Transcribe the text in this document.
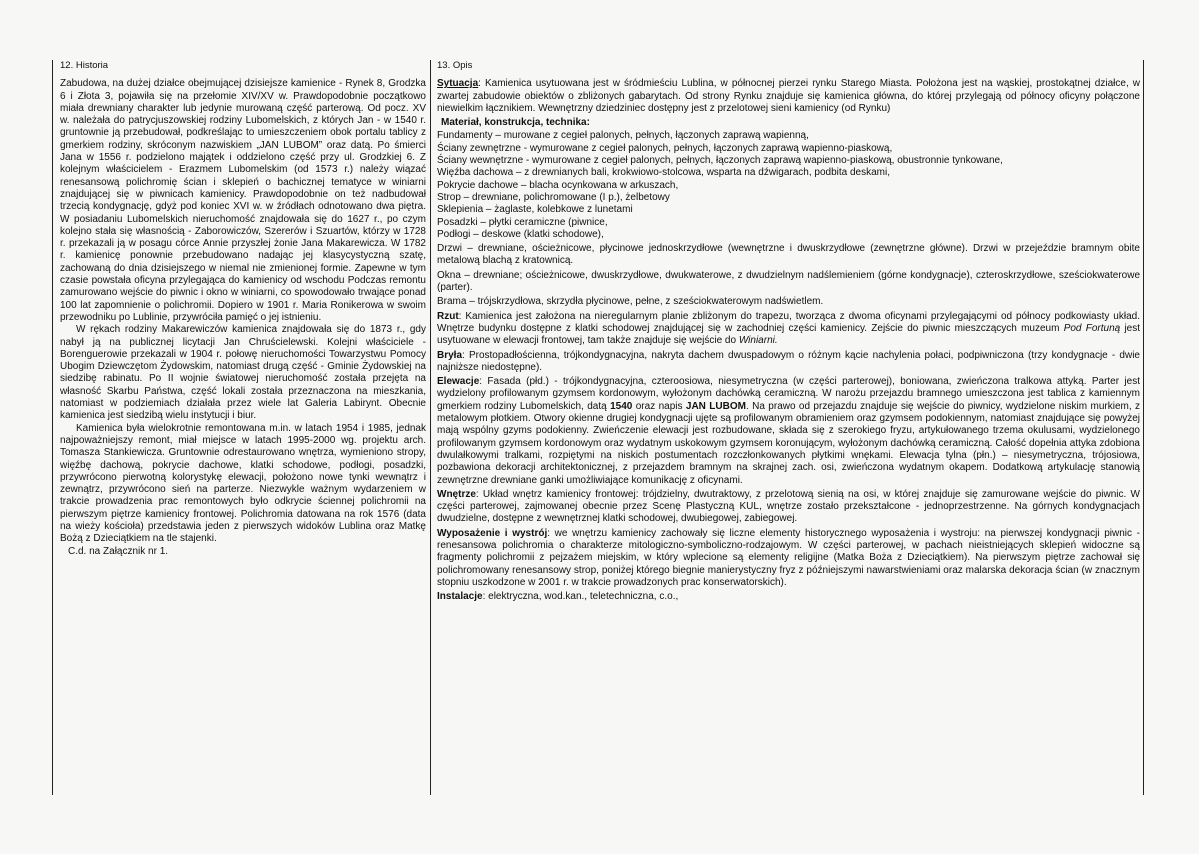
12. Historia

Zabudowa, na dużej działce obejmującej dzisiejsze kamienice - Rynek 8, Grodzka 6 i Złota 3, pojawiła się na przełomie XIV/XV w. Prawdopodobnie początkowo miała drewniany charakter lub jedynie murowaną część parterową. Od pocz. XV w. należała do patrycjuszowskiej rodziny Lubomelskich, z których Jan - w 1540 r. gruntownie ją przebudował, podkreślając to umieszczeniem obok portalu tablicy z gmerkiem rodziny, skróconym nazwiskiem „JAN LUBOM” oraz datą. Po śmierci Jana w 1556 r. podzielono majątek i oddzielono część przy ul. Grodzkiej 6. Z kolejnym właścicielem - Erazmem Lubomelskim (od 1573 r.) należy wiązać renesansową polichromię ścian i sklepień o bachicznej tematyce w winiarni znajdującej się w piwnicach kamienicy. Prawdopodobnie on też nadbudował trzecią kondygnację, gdyż pod koniec XVI w. w źródłach odnotowano dwa piętra. W posiadaniu Lubomelskich nieruchomość znajdowała się do 1627 r., po czym kolejno stała się własnością - Zaborowiczów, Szererów i Szuartów, którzy w 1728 r. przekazali ją w posagu córce Annie przyszłej żonie Jana Makarewicza. W 1782 r. kamienicę ponownie przebudowano nadając jej klasycystyczną szatę, zachowaną do dnia dzisiejszego w niemal nie zmienionej formie. Zapewne w tym czasie powstała oficyna przylegająca do kamienicy od wschodu Podczas remontu zamurowano wejście do piwnic i okno w winiarni, co spowodowało trwające ponad 100 lat zapomnienie o polichromii. Dopiero w 1901 r. Maria Ronikerowa w swoim przewodniku po Lublinie, przywróciła pamięć o jej istnieniu.

W rękach rodziny Makarewiczów kamienica znajdowała się do 1873 r., gdy nabył ją na publicznej licytacji Jan Chruścielewski. Kolejni właściciele - Borenguerowie przekazali w 1904 r. połowę nieruchomości Towarzystwu Pomocy Ubogim Dziewczętom Żydowskim, natomiast drugą część - Gminie Żydowskiej na siedzibę rabinatu. Po II wojnie światowej nieruchomość została przejęta na własność Skarbu Państwa, część lokali została przeznaczona na mieszkania, natomiast w podziemiach działała przez wiele lat Galeria Labirynt. Obecnie kamienica jest siedzibą wielu instytucji i biur.

Kamienica była wielokrotnie remontowana m.in. w latach 1954 i 1985, jednak najpoważniejszy remont, miał miejsce w latach 1995-2000 wg. projektu arch. Tomasza Stankiewicza. Gruntownie odrestaurowano wnętrza, wymieniono stropy, więźbę dachową, pokrycie dachowe, klatki schodowe, podłogi, posadzki, przywrócono pierwotną kolorystykę elewacji, położono nowe tynki wewnątrz i zewnątrz, przywrócono sień na parterze. Niezwykle ważnym wydarzeniem w trakcie prowadzenia prac remontowych było odkrycie ściennej polichromii na pierwszym piętrze kamienicy frontowej. Polichromia datowana na rok 1576 (data na wieży kościoła) przedstawia jeden z pierwszych widoków Lublina oraz Matkę Bożą z Dzieciątkiem na tle stajenki.

C.d. na Załącznik nr 1.

13. Opis

Sytuacja: Kamienica usytuowana jest w śródmieściu Lublina, w północnej pierzei rynku Starego Miasta. Położona jest na wąskiej, prostokątnej działce, w zwartej zabudowie obiektów o zbliżonych gabarytach. Od strony Rynku znajduje się kamienica główna, do której przylegają od północy oficyny połączone niewielkim łącznikiem. Wewnętrzny dziedziniec dostępny jest z przelotowej sieni kamienicy (od Rynku)

Materiał, konstrukcja, technika:
Fundamenty – murowane z cegieł palonych, pełnych, łączonych zaprawą wapienną,
Ściany zewnętrzne - wymurowane z cegieł palonych, pełnych, łączonych zaprawą wapienno-piaskową,
Ściany wewnętrzne - wymurowane z cegieł palonych, pełnych, łączonych zaprawą wapienno-piaskową, obustronnie tynkowane,
Więźba dachowa – z drewnianych bali, krokwiowo-stolcowa, wsparta na dźwigarach, podbita deskami,
Pokrycie dachowe – blacha ocynkowana w arkuszach,
Strop – drewniane, polichromowane (I p.), żelbetowy
Sklepienia – żaglaste, kolebkowe z lunetami
Posadzki – płytki ceramiczne (piwnice,
Podłogi – deskowe (klatki schodowe),

Drzwi – drewniane, ościeżnicowe, płycinowe jednoskrzydłowe (wewnętrzne i dwuskrzydłowe (zewnętrzne główne). Drzwi w przejeździe bramnym obite metalową blachą z kratownicą.

Okna – drewniane; ościeżnicowe, dwuskrzydłowe, dwukwaterowe, z dwudzielnym nadślemieniem (górne kondygnacje), czteroskrzydłowe, sześciokwaterowe (parter).

Brama – trójskrzydłowa, skrzydła płycinowe, pełne, z sześciokwaterowym nadświetlem.

Rzut: Kamienica jest założona na nieregularnym planie zbliżonym do trapezu, tworząca z dwoma oficynami przylegającymi od północy podkowiasty układ. Wnętrze budynku dostępne z klatki schodowej znajdującej się w zachodniej części kamienicy. Zejście do piwnic mieszczących muzeum Pod Fortuną jest usytuowane w elewacji frontowej, tam także znajduje się wejście do Winiarni.

Bryła: Prostopadłościenna, trójkondygnacyjna, nakryta dachem dwuspadowym o różnym kącie nachylenia połaci, podpiwniczona (trzy kondygnacje - dwie najniższe niedostępne).

Elewacje: Fasada (płd.) - trójkondygnacyjna, czteroosiowa, niesymetryczna (w części parterowej), boniowana, zwieńczona tralkowa attyką. Parter jest wydzielony profilowanym gzymsem kordonowym, wyłożonym dachówką ceramiczną. W narożu przejazdu bramnego umieszczona jest tablica z kamiennym gmerkiem rodziny Lubomelskich, datą 1540 oraz napis JAN LUBOM. Na prawo od przejazdu znajduje się wejście do piwnicy, wydzielone niskim murkiem, z metalowym płotkiem. Otwory okienne drugiej kondygnacji ujęte są profilowanym obramieniem oraz gzymsem podokiennym, natomiast znajdujące się powyżej mają wspólny gzyms podokienny. Zwieńczenie elewacji jest rozbudowane, składa się z szerokiego fryzu, artykułowanego trzema okulusami, wydzielonego profilowanym gzymsem kordonowym oraz wydatnym uskokowym gzymsem koronującym, wyłożonym dachówką ceramiczną. Całość dopełnia attyka zdobiona dwulałkowymi tralkami, rozpiętymi na niskich postumentach rozczłonkowanych płytkimi wnękami. Elewacja tylna (płn.) – niesymetryczna, trójosiowa, pozbawiona dekoracji architektonicznej, z przejazdem bramnym na skrajnej zach. osi, zwieńczona wydatnym okapem. Dodatkową artykulację stanowią zewnętrzne drewniane ganki umożliwiające komunikację z oficynami.

Wnętrze: Układ wnętrz kamienicy frontowej: trójdzielny, dwutraktowy, z przelotową sienią na osi, w której znajduje się zamurowane wejście do piwnic. W części parterowej, zajmowanej obecnie przez Scenę Plastyczną KUL, wnętrze zostało przekształcone - jednoprzestrzenne. Na górnych kondygnacjach dwudzielne, dostępne z wewnętrznej klatki schodowej, dwubiegowej, zabiegowej.

Wyposażenie i wystrój: we wnętrzu kamienicy zachowały się liczne elementy historycznego wyposażenia i wystroju: na pierwszej kondygnacji piwnic - renesansowa polichromia o charakterze mitologiczno-symboliczno-rodzajowym. W części parterowej, w pachach nieistniejących sklepień widoczne są fragmenty polichromii z pejzażem miejskim, w który wplecione są elementy religijne (Matka Boża z Dzieciątkiem). Na pierwszym piętrze zachował się polichromowany renesansowy strop, poniżej którego biegnie manierystyczny fryz z późniejszymi nawarstwieniami oraz malarska dekoracja ścian (w znacznym stopniu uszkodzone w 2001 r. w trakcie prowadzonych prac konserwatorskich).

Instalacje: elektryczna, wod.kan., teletechniczna, c.o.,
